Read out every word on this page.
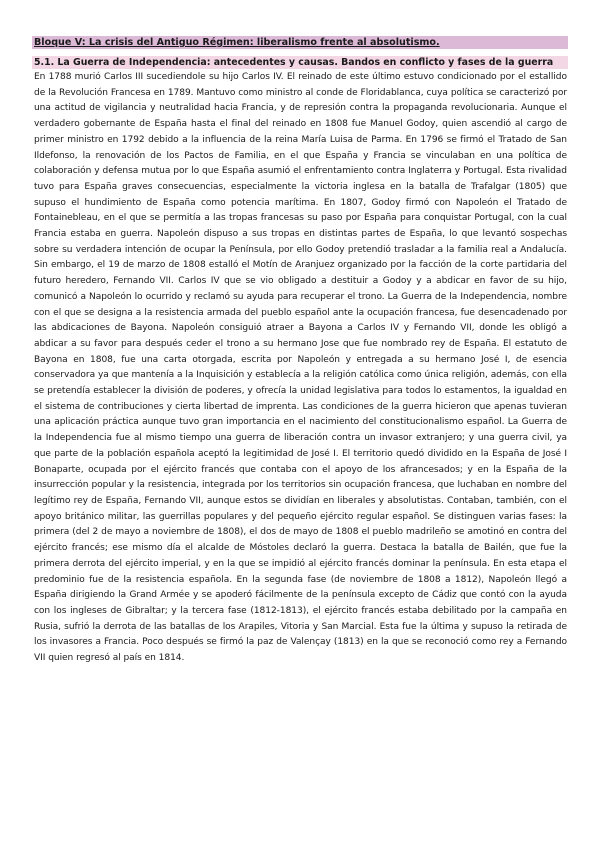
Bloque V: La crisis del Antiguo Régimen: liberalismo frente al absolutismo.
5.1. La Guerra de Independencia: antecedentes y causas. Bandos en conflicto y fases de la guerra

En 1788 murió Carlos III sucediendole su hijo Carlos IV. El reinado de este último estuvo condicionado por el estallido de la Revolución Francesa en 1789. Mantuvo como ministro al conde de Floridablanca, cuya política se caracterizó por una actitud de vigilancia y neutralidad hacia Francia, y de represión contra la propaganda revolucionaria. Aunque el verdadero gobernante de España hasta el final del reinado en 1808 fue Manuel Godoy, quien ascendió al cargo de primer ministro en 1792 debido a la influencia de la reina María Luisa de Parma. En 1796 se firmó el Tratado de San Ildefonso, la renovación de los Pactos de Familia, en el que España y Francia se vinculaban en una política de colaboración y defensa mutua por lo que España asumió el enfrentamiento contra Inglaterra y Portugal. Esta rivalidad tuvo para España graves consecuencias, especialmente la victoria inglesa en la batalla de Trafalgar (1805) que supuso el hundimiento de España como potencia marítima. En 1807, Godoy firmó con Napoleón el Tratado de Fontainebleau, en el que se permitía a las tropas francesas su paso por España para conquistar Portugal, con la cual Francia estaba en guerra. Napoleón dispuso a sus tropas en distintas partes de España, lo que levantó sospechas sobre su verdadera intención de ocupar la Península, por ello Godoy pretendió trasladar a la familia real a Andalucía. Sin embargo, el 19 de marzo de 1808 estalló el Motín de Aranjuez organizado por la facción de la corte partidaria del futuro heredero, Fernando VII. Carlos IV que se vio obligado a destituir a Godoy y a abdicar en favor de su hijo, comunicó a Napoleón lo ocurrido y reclamó su ayuda para recuperar el trono. La Guerra de la Independencia, nombre con el que se designa a la resistencia armada del pueblo español ante la ocupación francesa, fue desencadenado por las abdicaciones de Bayona. Napoleón consiguió atraer a Bayona a Carlos IV y Fernando VII, donde les obligó a abdicar a su favor para después ceder el trono a su hermano Jose que fue nombrado rey de España. El estatuto de Bayona en 1808, fue una carta otorgada, escrita por Napoleón y entregada a su hermano José I, de esencia conservadora ya que mantenía a la Inquisición y establecía a la religión católica como única religión, además, con ella se pretendía establecer la división de poderes, y ofrecía la unidad legislativa para todos lo estamentos, la igualdad en el sistema de contribuciones y cierta libertad de imprenta. Las condiciones de la guerra hicieron que apenas tuvieran una aplicación práctica aunque tuvo gran importancia en el nacimiento del constitucionalismo español. La Guerra de la Independencia fue al mismo tiempo una guerra de liberación contra un invasor extranjero; y una guerra civil, ya que parte de la población española aceptó la legitimidad de José I. El territorio quedó dividido en la España de José I Bonaparte, ocupada por el ejército francés que contaba con el apoyo de los afrancesados; y en la España de la insurrección popular y la resistencia, integrada por los territorios sin ocupación francesa, que luchaban en nombre del legítimo rey de España, Fernando VII, aunque estos se dividían en liberales y absolutistas. Contaban, también, con el apoyo británico militar, las guerrillas populares y del pequeño ejército regular español. Se distinguen varias fases: la primera (del 2 de mayo a noviembre de 1808), el dos de mayo de 1808 el pueblo madrileño se amotinó en contra del ejército francés; ese mismo día el alcalde de Móstoles declaró la guerra. Destaca la batalla de Bailén, que fue la primera derrota del ejército imperial, y en la que se impidió al ejército francés dominar la península. En esta etapa el predominio fue de la resistencia española. En la segunda fase (de noviembre de 1808 a 1812), Napoleón llegó a España dirigiendo la Grand Armée y se apoderó fácilmente de la península excepto de Cádiz que contó con la ayuda con los ingleses de Gibraltar; y la tercera fase (1812-1813), el ejército francés estaba debilitado por la campaña en Rusia, sufrió la derrota de las batallas de los Arapiles, Vitoria y San Marcial. Esta fue la última y supuso la retirada de los invasores a Francia. Poco después se firmó la paz de Valençay (1813) en la que se reconoció como rey a Fernando VII quien regresó al país en 1814.
